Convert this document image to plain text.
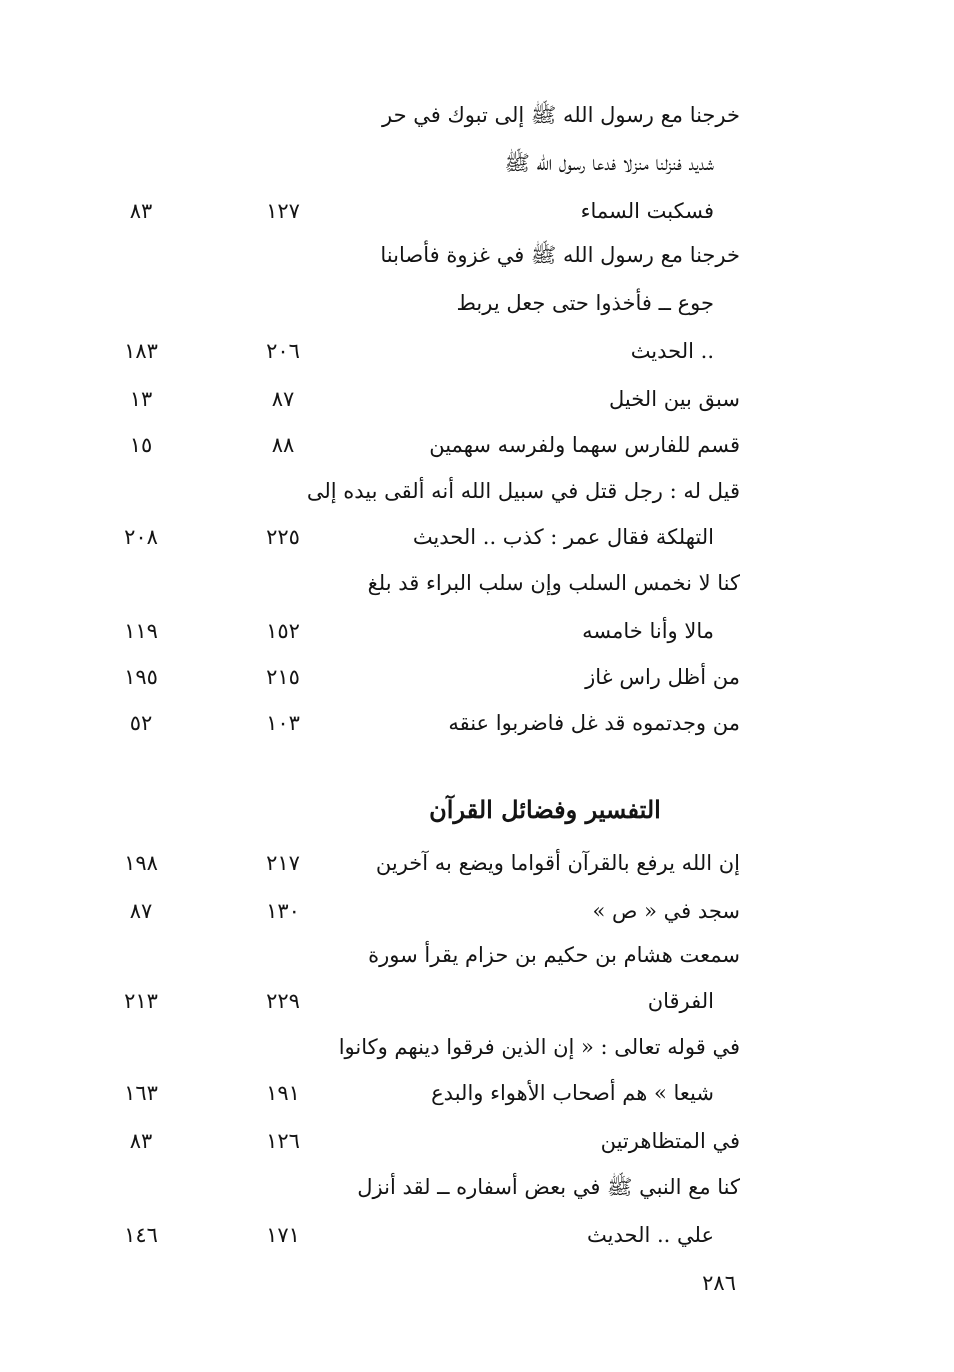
خرجنا مع رسول الله ﷺ إلى تبوك في حر
شديد فنزلنا منزلا فدعا رسول الله ﷺ
فسكبت السماء
١٢٧
٨٣
خرجنا مع رسول الله ﷺ في غزوة فأصابنا
جوع ــ فأخذوا حتى جعل يربط
.. الحديث
٢٠٦
١٨٣
سبق بين الخيل
٨٧
١٣
قسم للفارس سهما ولفرسه سهمين
٨٨
١٥
قيل له : رجل قتل في سبيل الله أنه ألقى بيده إلى
التهلكة فقال عمر : كذب .. الحديث
٢٢٥
٢٠٨
كنا لا نخمس السلب وإن سلب البراء قد بلغ
مالا وأنا خامسه
١٥٢
١١٩
من أظل راس غاز
٢١٥
١٩٥
من وجدتموه قد غل فاضربوا عنقه
١٠٣
٥٢
التفسير وفضائل القرآن
إن الله يرفع بالقرآن أقواما ويضع به آخرين
٢١٧
١٩٨
سجد في « ص »
١٣٠
٨٧
سمعت هشام بن حكيم بن حزام يقرأ سورة
الفرقان
٢٢٩
٢١٣
في قوله تعالى : « إن الذين فرقوا دينهم وكانوا
شيعا » هم أصحاب الأهواء والبدع
١٩١
١٦٣
في المتظاهرتين
١٢٦
٨٣
كنا مع النبي ﷺ في بعض أسفاره ــ لقد أنزل
علي .. الحديث
١٧١
١٤٦
٢٨٦
